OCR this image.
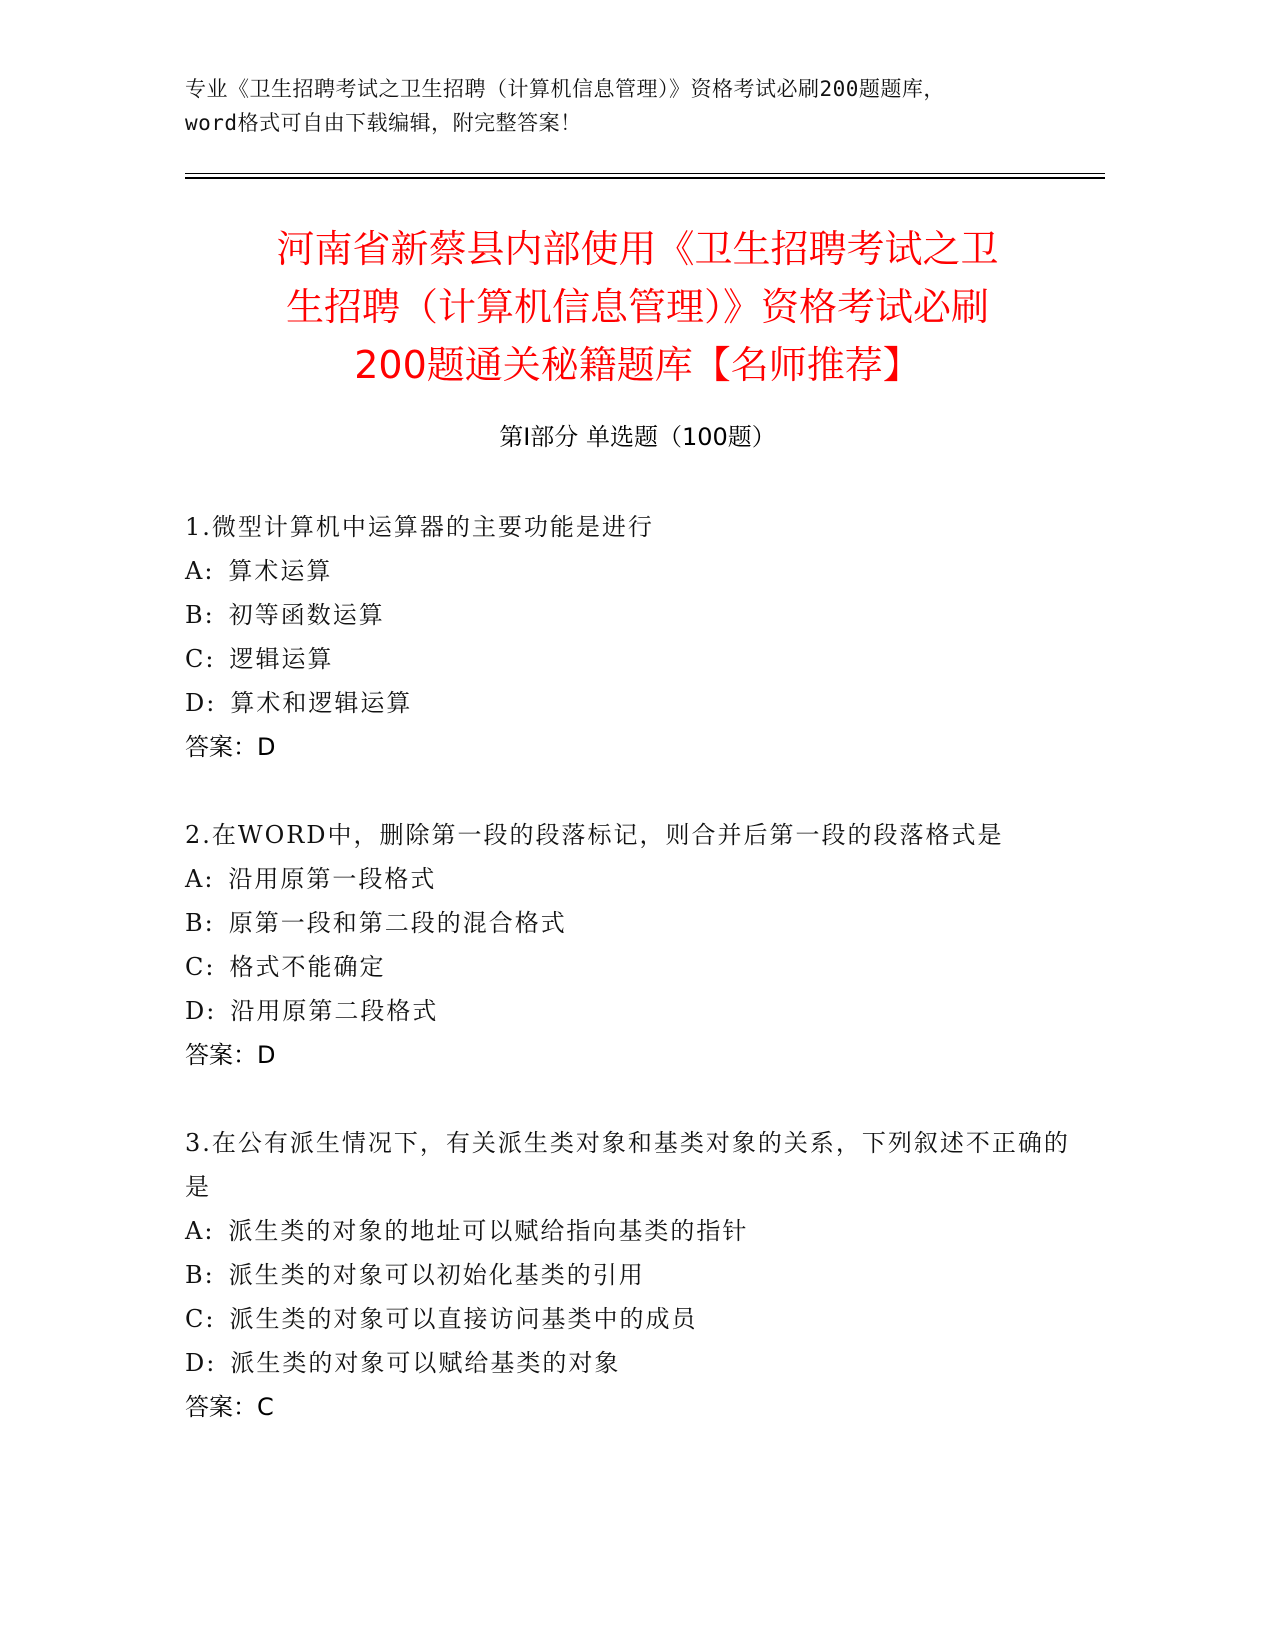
专业《卫生招聘考试之卫生招聘（计算机信息管理）》资格考试必刷200题题库，
word格式可自由下载编辑，附完整答案！
河南省新蔡县内部使用《卫生招聘考试之卫
生招聘（计算机信息管理）》资格考试必刷
200题通关秘籍题库【名师推荐】
第Ⅰ部分 单选题（100题）
1.微型计算机中运算器的主要功能是进行
A: 算术运算
B: 初等函数运算
C: 逻辑运算
D: 算术和逻辑运算
答案：D
2.在WORD中，删除第一段的段落标记，则合并后第一段的段落格式是
A: 沿用原第一段格式
B: 原第一段和第二段的混合格式
C: 格式不能确定
D: 沿用原第二段格式
答案：D
3.在公有派生情况下，有关派生类对象和基类对象的关系，下列叙述不正确的是
A: 派生类的对象的地址可以赋给指向基类的指针
B: 派生类的对象可以初始化基类的引用
C: 派生类的对象可以直接访问基类中的成员
D: 派生类的对象可以赋给基类的对象
答案：C
